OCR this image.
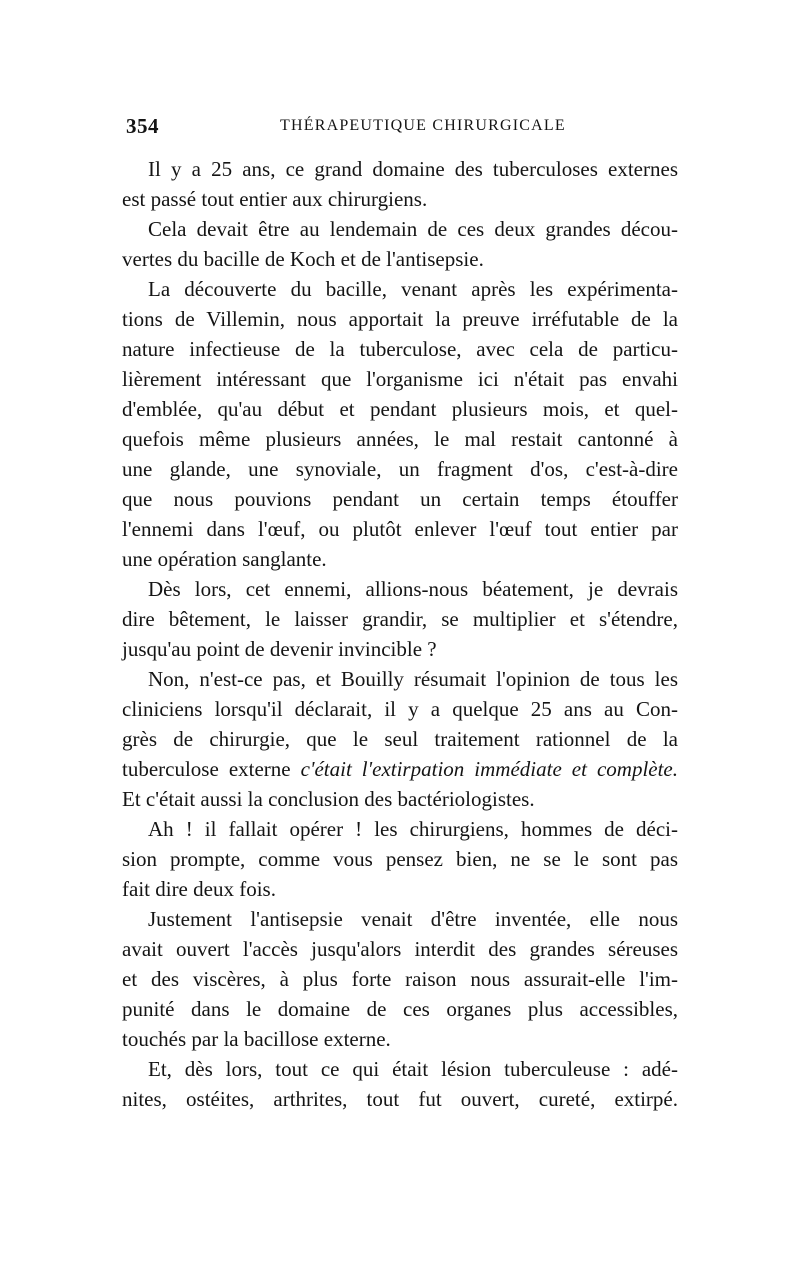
354	THÉRAPEUTIQUE CHIRURGICALE
Il y a 25 ans, ce grand domaine des tuberculoses externes
est passé tout entier aux chirurgiens.
Cela devait être au lendemain de ces deux grandes décou-
vertes du bacille de Koch et de l'antisepsie.
La découverte du bacille, venant après les expérimenta-
tions de Villemin, nous apportait la preuve irréfutable de la
nature infectieuse de la tuberculose, avec cela de particu-
lièrement intéressant que l'organisme ici n'était pas envahi
d'emblée, qu'au début et pendant plusieurs mois, et quel-
quefois même plusieurs années, le mal restait cantonné à
une glande, une synoviale, un fragment d'os, c'est-à-dire
que nous pouvions pendant un certain temps étouffer
l'ennemi dans l'œuf, ou plutôt enlever l'œuf tout entier par
une opération sanglante.
Dès lors, cet ennemi, allions-nous béatement, je devrais
dire bêtement, le laisser grandir, se multiplier et s'étendre,
jusqu'au point de devenir invincible ?
Non, n'est-ce pas, et Bouilly résumait l'opinion de tous les
cliniciens lorsqu'il déclarait, il y a quelque 25 ans au Con-
grès de chirurgie, que le seul traitement rationnel de la
tuberculose externe c'était l'extirpation immédiate et complète.
Et c'était aussi la conclusion des bactériologistes.
Ah ! il fallait opérer ! les chirurgiens, hommes de déci-
sion prompte, comme vous pensez bien, ne se le sont pas
fait dire deux fois.
Justement l'antisepsie venait d'être inventée, elle nous
avait ouvert l'accès jusqu'alors interdit des grandes séreuses
et des viscères, à plus forte raison nous assurait-elle l'im-
punité dans le domaine de ces organes plus accessibles,
touchés par la bacillose externe.
Et, dès lors, tout ce qui était lésion tuberculeuse : adé-
nites, ostéites, arthrites, tout fut ouvert, cureté, extirpé.
